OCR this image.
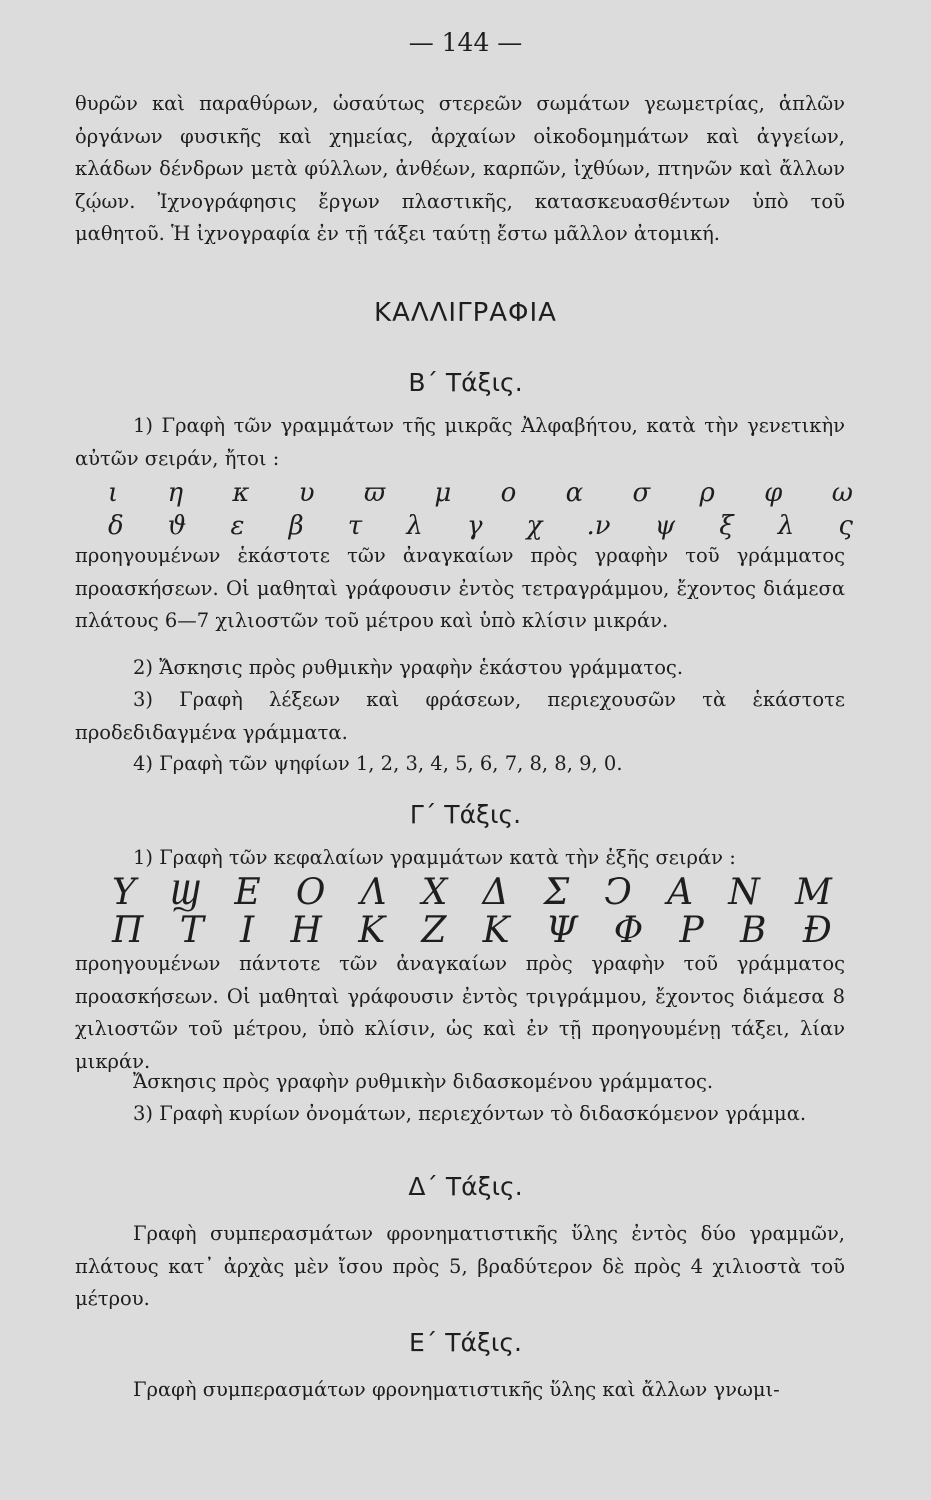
— 144 —

θυρῶν καὶ παραθύρων, ὡσαύτως στερεῶν σωμάτων γεωμετρίας, ἁπλῶν ὀργάνων φυσικῆς καὶ χημείας, ἀρχαίων οἰκοδομημάτων καὶ ἀγγείων, κλάδων δένδρων μετὰ φύλλων, ἀνθέων, καρπῶν, ἰχθύων, πτηνῶν καὶ ἄλλων ζῴων. Ἰχνογράφησις ἔργων πλαστικῆς, κατασκευασθέντων ὑπὸ τοῦ μαθητοῦ. Ἡ ἰχνογραφία ἐν τῇ τάξει ταύτῃ ἔστω μᾶλλον ἀτομική.

ΚΑΛΛΙΓΡΑΦΙΑ
Β΄ Τάξις.

1) Γραφὴ τῶν γραμμάτων τῆς μικρᾶς Ἀλφαβήτου, κατὰ τὴν γενετικὴν αὐτῶν σειράν, ἤτοι :

ι η κ υ ϖ μ ο α σ ρ φ ω
δ ϑ ε β τ λ γ χ .ν ψ ξ λ ς

προηγουμένων ἑκάστοτε τῶν ἀναγκαίων πρὸς γραφὴν τοῦ γράμματος προασκήσεων. Οἱ μαθηταὶ γράφουσιν ἐντὸς τετραγράμμου, ἔχοντος διάμεσα πλάτους 6—7 χιλιοστῶν τοῦ μέτρου καὶ ὑπὸ κλίσιν μικράν.

2) Ἄσκησις πρὸς ρυθμικὴν γραφὴν ἑκάστου γράμματος.

3) Γραφὴ λέξεων καὶ φράσεων, περιεχουσῶν τὰ ἑκάστοτε προδεδιδαγμένα γράμματα.

4) Γραφὴ τῶν ψηφίων 1, 2, 3, 4, 5, 6, 7, 8, 8, 9, 0.

Γ΄ Τάξις.

1) Γραφὴ τῶν κεφαλαίων γραμμάτων κατὰ τὴν ἑξῆς σειράν :

Υ Ϣ Ε Ο Λ Χ Δ Σ Ͻ Α Ν Μ
Π Τ Ι Η Κ Ζ Κ Ψ Φ Ρ Β Ð

προηγουμένων πάντοτε τῶν ἀναγκαίων πρὸς γραφὴν τοῦ γράμματος προασκήσεων. Οἱ μαθηταὶ γράφουσιν ἐντὸς τριγράμμου, ἔχοντος διάμεσα 8 χιλιοστῶν τοῦ μέτρου, ὑπὸ κλίσιν, ὡς καὶ ἐν τῇ προηγουμένῃ τάξει, λίαν μικράν.

Ἄσκησις πρὸς γραφὴν ρυθμικὴν διδασκομένου γράμματος.

3) Γραφὴ κυρίων ὀνομάτων, περιεχόντων τὸ διδασκόμενον γράμμα.

Δ΄ Τάξις.

Γραφὴ συμπερασμάτων φρονηματιστικῆς ὕλης ἐντὸς δύο γραμμῶν, πλάτους κατ᾽ ἀρχὰς μὲν ἴσου πρὸς 5, βραδύτερον δὲ πρὸς 4 χιλιοστὰ τοῦ μέτρου.

Ε΄ Τάξις.

Γραφὴ συμπερασμάτων φρονηματιστικῆς ὕλης καὶ ἄλλων γνωμι-
